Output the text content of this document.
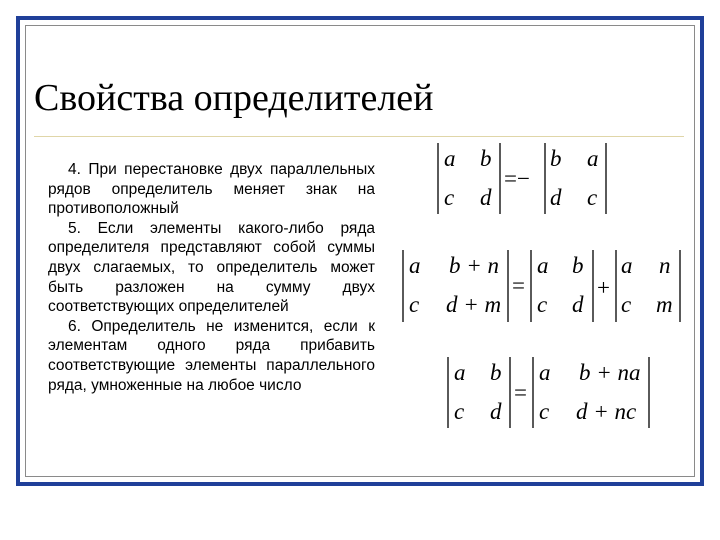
Свойства определителей

4. При перестановке двух параллельных рядов определитель меняет знак на противоположный

5. Если элементы какого-либо ряда определителя представляют собой суммы двух слагаемых, то определитель может быть разложен на сумму двух соответствующих определителей

6. Определитель не изменится, если к элементам одного ряда прибавить соответствующие элементы параллельного ряда, умноженные на любое число

a b
c d
=−
b a
d c
a b + n
c d + m
=
a b
c d
+
a n
c m
a b
c d
=
a b + na
c d + nc
